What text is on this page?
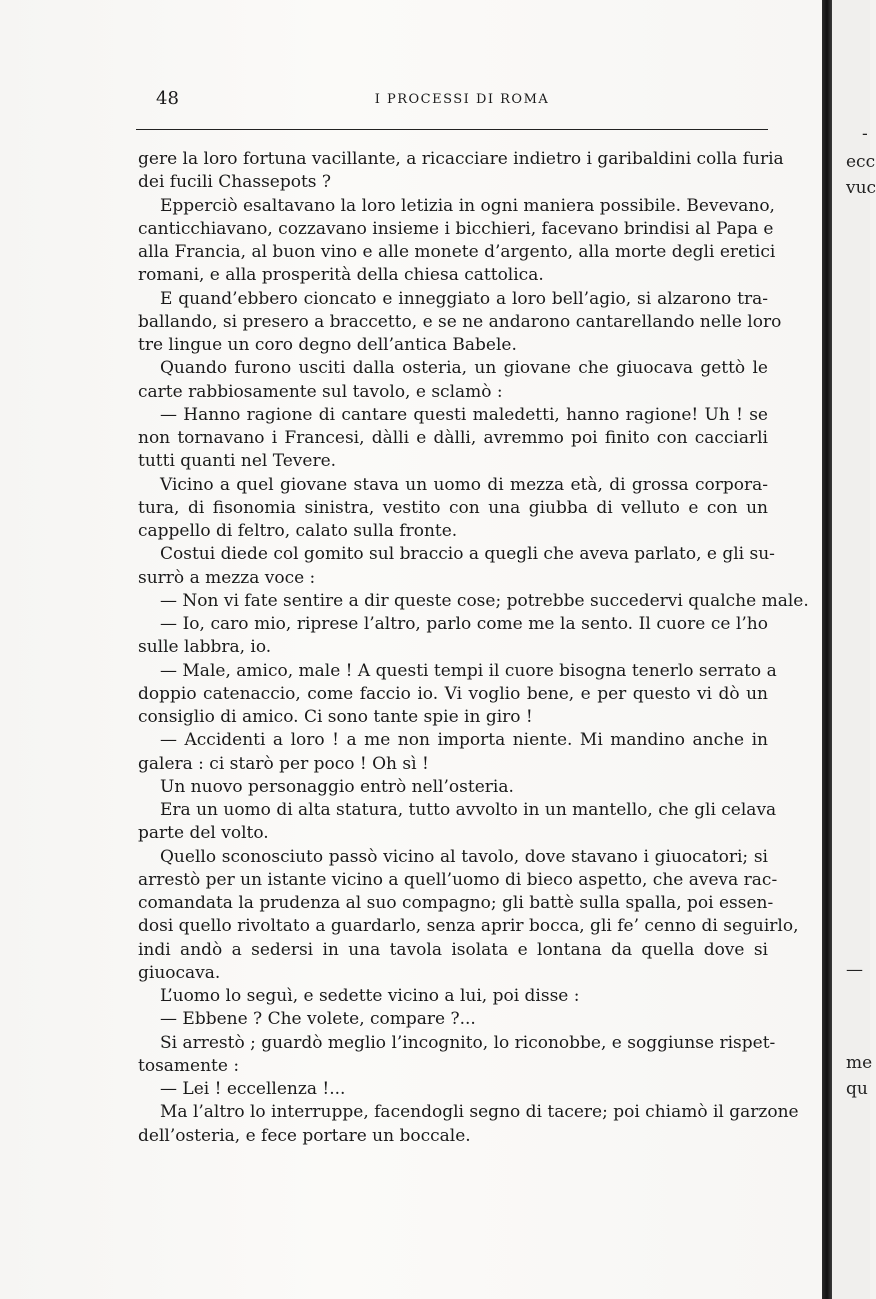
48	I PROCESSI DI ROMA
gere la loro fortuna vacillante, a ricacciare indietro i garibaldini colla furia
dei fucili Chassepots ?
Epperciò esaltavano la loro letizia in ogni maniera possibile. Bevevano,
canticchiavano, cozzavano insieme i bicchieri, facevano brindisi al Papa e
alla Francia, al buon vino e alle monete d’argento, alla morte degli eretici
romani, e alla prosperità della chiesa cattolica.
E quand’ebbero cioncato e inneggiato a loro bell’agio, si alzarono tra-
ballando, si presero a braccetto, e se ne andarono cantarellando nelle loro
tre lingue un coro degno dell’antica Babele.
Quando furono usciti dalla osteria, un giovane che giuocava gettò le
carte rabbiosamente sul tavolo, e sclamò :
— Hanno ragione di cantare questi maledetti, hanno ragione! Uh ! se
non tornavano i Francesi, dàlli e dàlli, avremmo poi finito con cacciarli
tutti quanti nel Tevere.
Vicino a quel giovane stava un uomo di mezza età, di grossa corpora-
tura, di fisonomia sinistra, vestito con una giubba di velluto e con un
cappello di feltro, calato sulla fronte.
Costui diede col gomito sul braccio a quegli che aveva parlato, e gli su-
surrò a mezza voce :
— Non vi fate sentire a dir queste cose; potrebbe succedervi qualche male.
— Io, caro mio, riprese l’altro, parlo come me la sento. Il cuore ce l’ho
sulle labbra, io.
— Male, amico, male ! A questi tempi il cuore bisogna tenerlo serrato a
doppio catenaccio, come faccio io. Vi voglio bene, e per questo vi dò un
consiglio di amico. Ci sono tante spie in giro !
— Accidenti a loro ! a me non importa niente. Mi mandino anche in
galera : ci starò per poco ! Oh sì !
Un nuovo personaggio entrò nell’osteria.
Era un uomo di alta statura, tutto avvolto in un mantello, che gli celava
parte del volto.
Quello sconosciuto passò vicino al tavolo, dove stavano i giuocatori; si
arrestò per un istante vicino a quell’uomo di bieco aspetto, che aveva rac-
comandata la prudenza al suo compagno; gli battè sulla spalla, poi essen-
dosi quello rivoltato a guardarlo, senza aprir bocca, gli fe’ cenno di seguirlo,
indi andò a sedersi in una tavola isolata e lontana da quella dove si
giuocava.
L’uomo lo seguì, e sedette vicino a lui, poi disse :
— Ebbene ? Che volete, compare ?...
Si arrestò ; guardò meglio l’incognito, lo riconobbe, e soggiunse rispet-
tosamente :
— Lei ! eccellenza !...
Ma l’altro lo interruppe, facendogli segno di tacere; poi chiamò il garzone
dell’osteria, e fece portare un boccale.
-
ecc
vuc
—
me
qu
